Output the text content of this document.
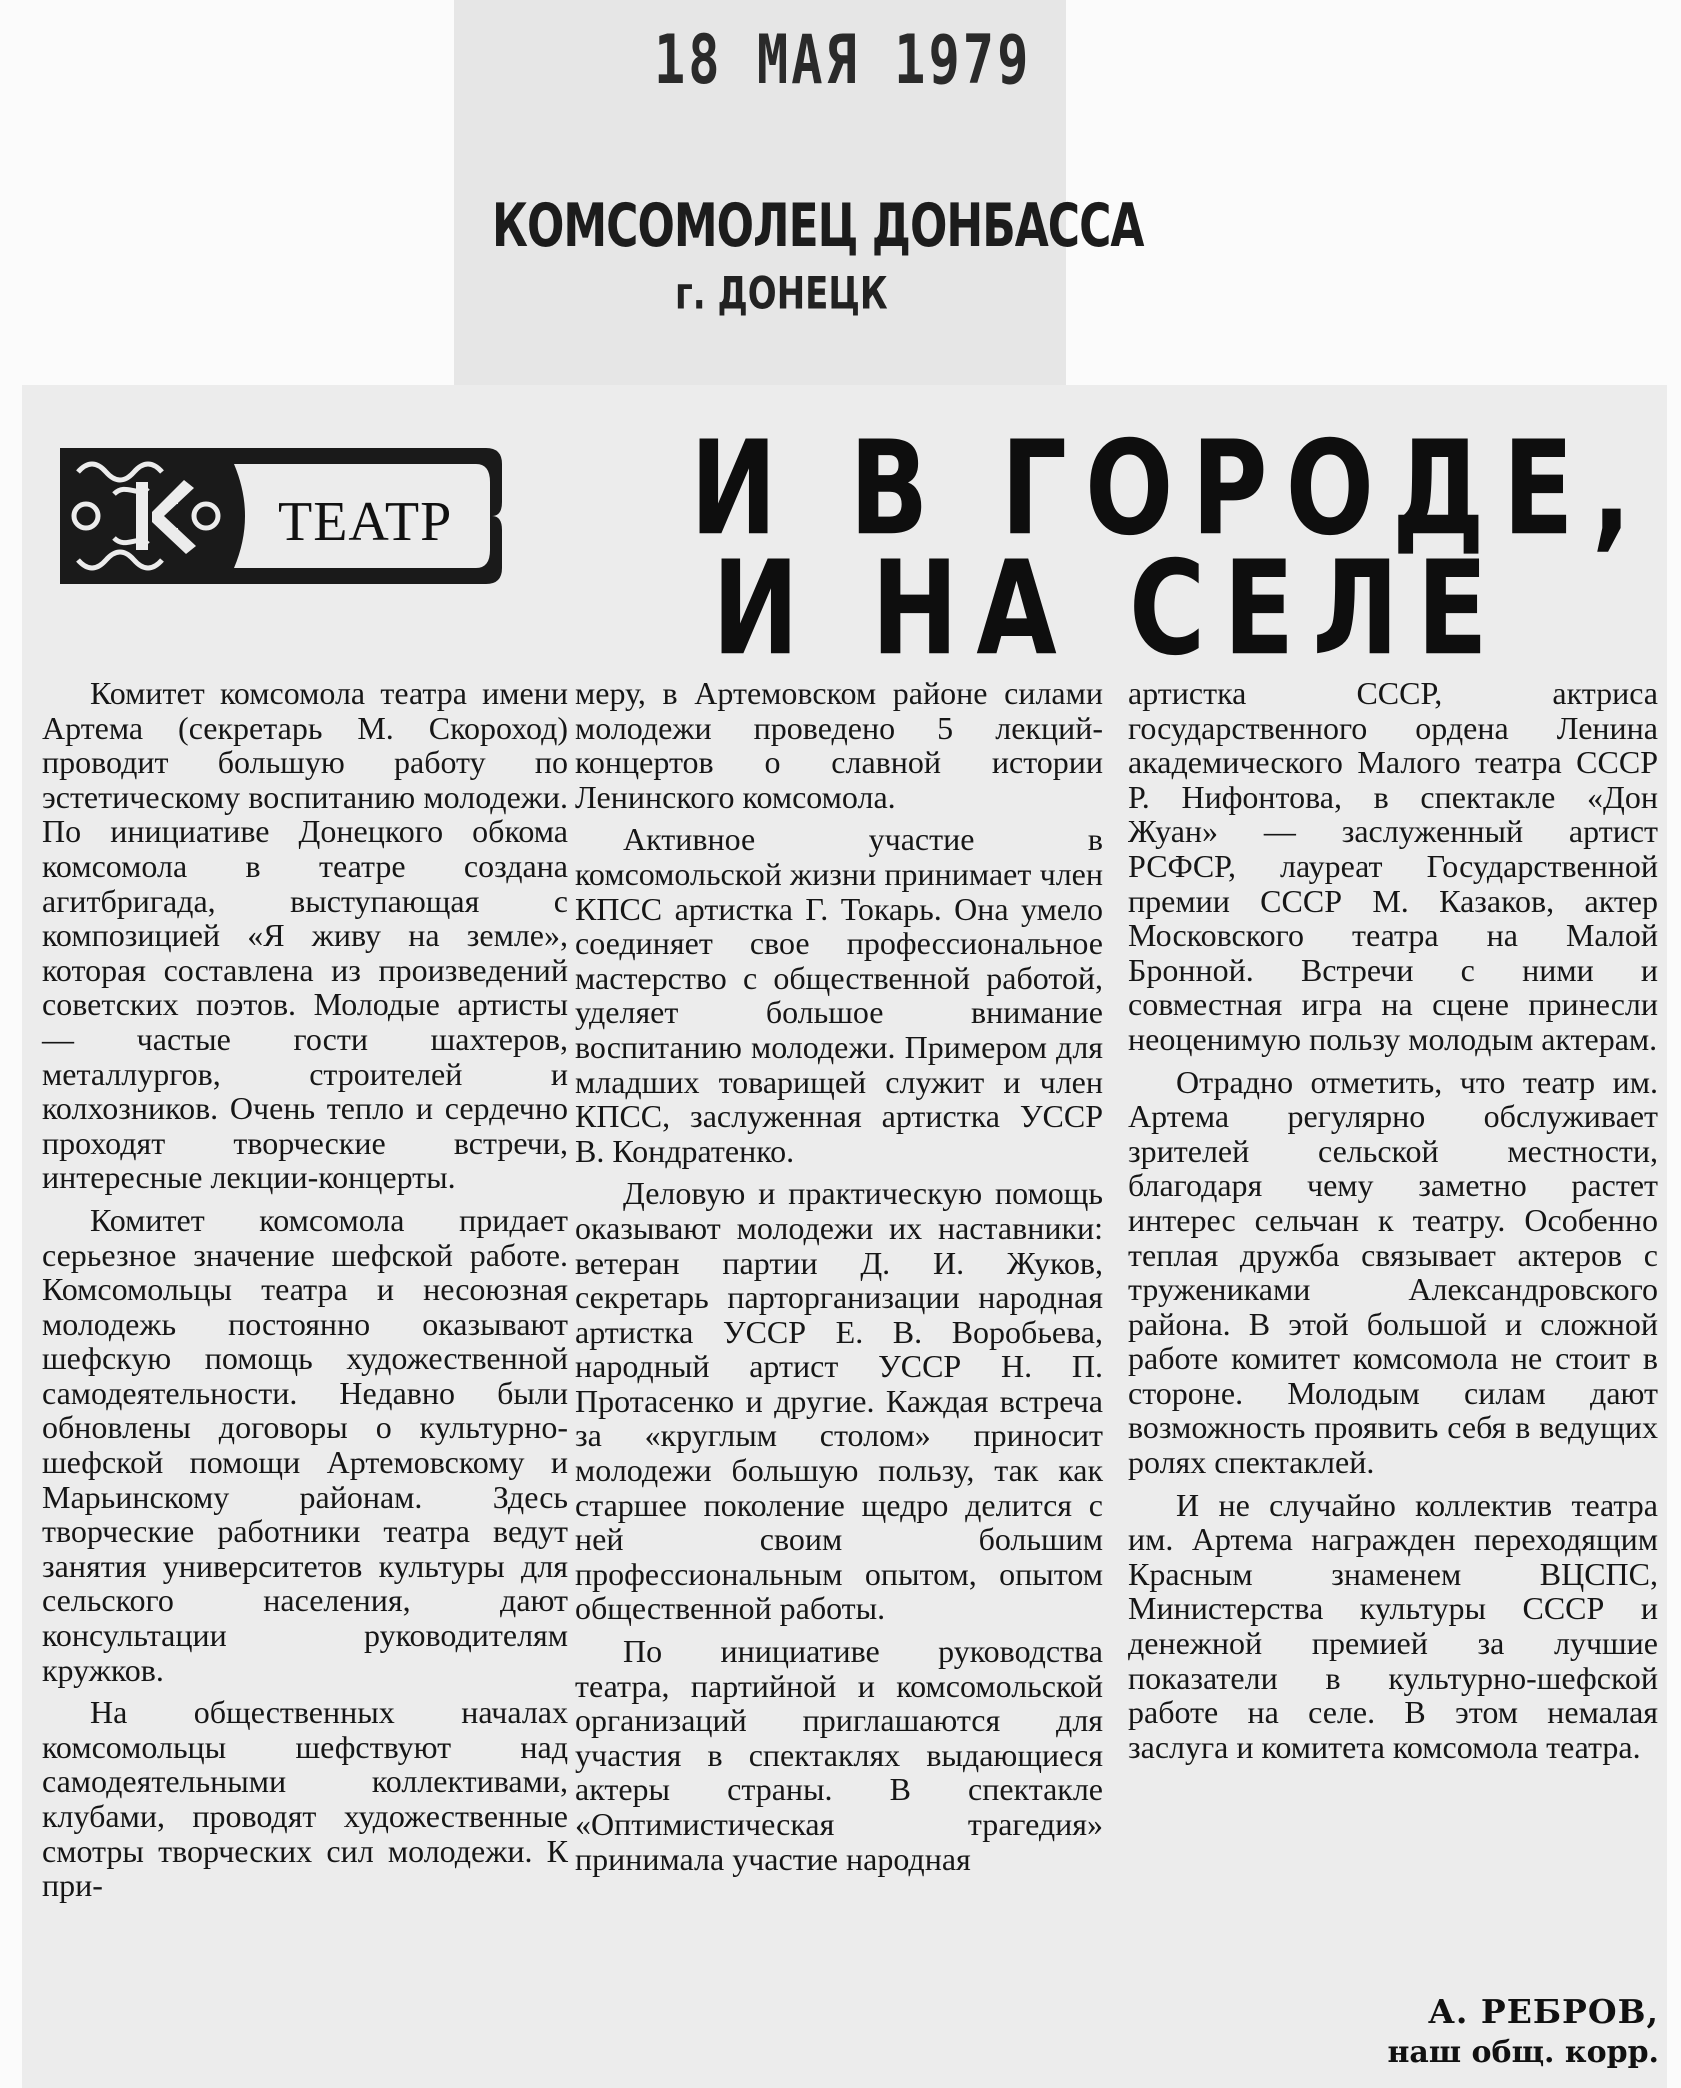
18 МАЯ 1979
КОМСОМОЛЕЦ ДОНБАССА
г. ДОНЕЦК
ТЕАТР	И В ГОРОДЕ,
И НА СЕЛЕ

Комитет комсомола театра имени Артема (секретарь М. Скороход) проводит большую работу по эстетическому воспитанию молодежи. По инициативе Донецкого обкома комсомола в театре создана агитбригада, выступающая с композицией «Я живу на земле», которая составлена из произведений советских поэтов. Молодые артисты — частые гости шахтеров, металлургов, строителей и колхозников. Очень тепло и сердечно проходят творческие встречи, интересные лекции-концерты.

Комитет комсомола придает серьезное значение шефской работе. Комсомольцы театра и несоюзная молодежь постоянно оказывают шефскую помощь художественной самодеятельности. Недавно были обновлены договоры о культурно-шефской помощи Артемовскому и Марьинскому районам. Здесь творческие работники театра ведут занятия университетов культуры для сельского населения, дают консультации руководителям кружков.

На общественных началах комсомольцы шефствуют над самодеятельными коллективами, клубами, проводят художественные смотры творческих сил молодежи. К при-

меру, в Артемовском районе силами молодежи проведено 5 лекций-концертов о славной истории Ленинского комсомола.

Активное участие в комсомольской жизни принимает член КПСС артистка Г. Токарь. Она умело соединяет свое профессиональное мастерство с общественной работой, уделяет большое внимание воспитанию молодежи. Примером для младших товарищей служит и член КПСС, заслуженная артистка УССР В. Кондратенко.

Деловую и практическую помощь оказывают молодежи их наставники: ветеран партии Д. И. Жуков, секретарь парторганизации народная артистка УССР Е. В. Воробьева, народный артист УССР Н. П. Протасенко и другие. Каждая встреча за «круглым столом» приносит молодежи большую пользу, так как старшее поколение щедро делится с ней своим большим профессиональным опытом, опытом общественной работы.

По инициативе руководства театра, партийной и комсомольской организаций приглашаются для участия в спектаклях выдающиеся актеры страны. В спектакле «Оптимистическая трагедия» принимала участие народная

артистка СССР, актриса государственного ордена Ленина академического Малого театра СССР Р. Нифонтова, в спектакле «Дон Жуан» — заслуженный артист РСФСР, лауреат Государственной премии СССР М. Казаков, актер Московского театра на Малой Бронной. Встречи с ними и совместная игра на сцене принесли неоценимую пользу молодым актерам.

Отрадно отметить, что театр им. Артема регулярно обслуживает зрителей сельской местности, благодаря чему заметно растет интерес сельчан к театру. Особенно теплая дружба связывает актеров с тружениками Александровского района. В этой большой и сложной работе комитет комсомола не стоит в стороне. Молодым силам дают возможность проявить себя в ведущих ролях спектаклей.

И не случайно коллектив театра им. Артема награжден переходящим Красным знаменем ВЦСПС, Министерства культуры СССР и денежной премией за лучшие показатели в культурно-шефской работе на селе. В этом немалая заслуга и комитета комсомола театра.

А. РЕБРОВ,
наш общ. корр.
